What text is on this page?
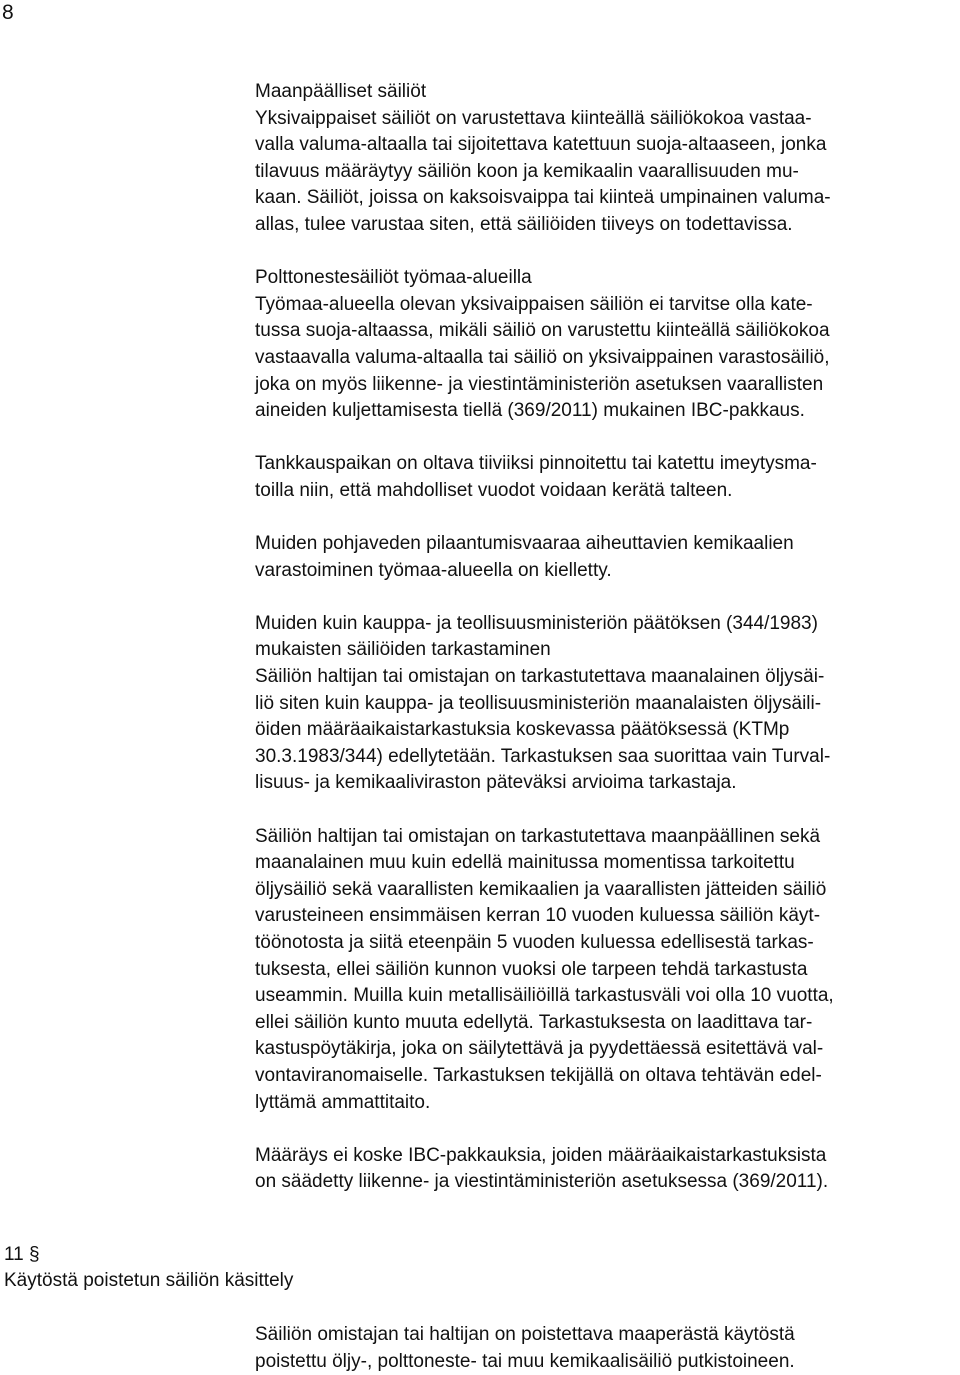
8
Maanpäälliset säiliöt
Yksivaippaiset säiliöt on varustettava kiinteällä säiliökokoa vastaa-
valla valuma-altaalla tai sijoitettava katettuun suoja-altaaseen, jonka
tilavuus määräytyy säiliön koon ja kemikaalin vaarallisuuden mu-
kaan. Säiliöt, joissa on kaksoisvaippa tai kiinteä umpinainen valuma-
allas, tulee varustaa siten, että säiliöiden tiiveys on todettavissa.
Polttonestesäiliöt työmaa-alueilla
Työmaa-alueella olevan yksivaippaisen säiliön ei tarvitse olla kate-
tussa suoja-altaassa, mikäli säiliö on varustettu kiinteällä säiliökokoa
vastaavalla valuma-altaalla tai säiliö on yksivaippainen varastosäiliö,
joka on myös liikenne- ja viestintäministeriön asetuksen vaarallisten
aineiden kuljettamisesta tiellä (369/2011) mukainen IBC-pakkaus.
Tankkauspaikan on oltava tiiviiksi pinnoitettu tai katettu imeytysma-
toilla niin, että mahdolliset vuodot voidaan kerätä talteen.
Muiden pohjaveden pilaantumisvaaraa aiheuttavien kemikaalien
varastoiminen työmaa-alueella on kielletty.
Muiden kuin kauppa- ja teollisuusministeriön päätöksen (344/1983)
mukaisten säiliöiden tarkastaminen
Säiliön haltijan tai omistajan on tarkastutettava maanalainen öljysäi-
liö siten kuin kauppa- ja teollisuusministeriön maanalaisten öljysäili-
öiden määräaikaistarkastuksia koskevassa päätöksessä (KTMp
30.3.1983/344) edellytetään. Tarkastuksen saa suorittaa vain Turval-
lisuus- ja kemikaaliviraston päteväksi arvioima tarkastaja.
Säiliön haltijan tai omistajan on tarkastutettava maanpäällinen sekä
maanalainen muu kuin edellä mainitussa momentissa tarkoitettu
öljysäiliö sekä vaarallisten kemikaalien ja vaarallisten jätteiden säiliö
varusteineen ensimmäisen kerran 10 vuoden kuluessa säiliön käyt-
töönotosta ja siitä eteenpäin 5 vuoden kuluessa edellisestä tarkas-
tuksesta, ellei säiliön kunnon vuoksi ole tarpeen tehdä tarkastusta
useammin. Muilla kuin metallisäiliöillä tarkastusväli voi olla 10 vuotta,
ellei säiliön kunto muuta edellytä. Tarkastuksesta on laadittava tar-
kastuspöytäkirja, joka on säilytettävä ja pyydettäessä esitettävä val-
vontaviranomaiselle. Tarkastuksen tekijällä on oltava tehtävän edel-
lyttämä ammattitaito.
Määräys ei koske IBC-pakkauksia, joiden määräaikaistarkastuksista
on säädetty liikenne- ja viestintäministeriön asetuksessa (369/2011).
11 §
Käytöstä poistetun säiliön käsittely
Säiliön omistajan tai haltijan on poistettava maaperästä käytöstä
poistettu öljy-, polttoneste- tai muu kemikaalisäiliö putkistoineen.
